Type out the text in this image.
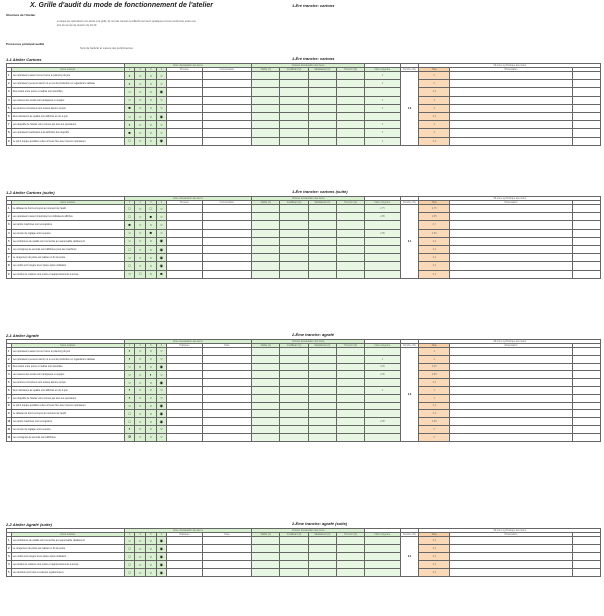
X. Grille d'audit du mode de fonctionnement de l'atelier	1-Ère tranche: cartons
Structure de l'Atelier
Lorsque les opérateurs ont accès à la grille, ils ont été conviés à réfléchir sur leurs pratiques et à les confronter entre eux lors du temps de réunion du 16.10
Processus principal audité
Suivi de l'activité et mesure des performances
1-1 Atelier Cartons	1-Ère tranche: cartons
		Zone d'évaluation des items						Critères d'évaluation des items						VE zone synthétique des items		
	Items évalués	1	2	3	4	Process	Commentaire	Faible (1)	Insuffisant (2)	Satisfaisant (3)	Très bon (4)	Note moyenne	Nombre (%)	Note	Observation	
1	Les opérateurs savent où se trouve le planning du jour	◐	○	○	○							2	2,6	2		
2	Les opérateurs peuvent savoir où en est la production en regardant le tableau	◐	○	○	○							2		2		
3	Des écarts entre prévu et réalisé sont identifiés	○	○	○	◉									3,4		
4	Les causes des écarts sont analysées en équipe	○	○	○	○							2		3		
5	Les actions correctives sont suivies dans le temps	■	○	○	○							2		2		
6	Des indicateurs de qualité sont affichés et mis à jour	○	○	○	◉									3,4		
7	Les objectifs de l'atelier sont connus par tous les opérateurs	◐	○	○	○							2		2		
8	Les opérateurs participent à la définition des objectifs	■	○	○	○							2		2		
9	Le point équipe quotidien a lieu à heure fixe avec tous les opérateurs	□	○	○	◉							3		3,4		
1-2 Atelier Cartons (suite)	1-Ère tranche: cartons (suite)
		Zone d'évaluation des items						Critères d'évaluation des items						VE zone synthétique des items		
	Items évalués	1	2	3	4	Process	Commentaire	Faible (1)	Insuffisant (2)	Satisfaisant (3)	Très bon (4)	Note moyenne	Nombre (%)	Note	Observation	
1	Le tableau de bord est à jour au moment de l'audit	□	○	□	○							2,75	3,1	2,75		
2	Les opérateurs savent interpréter les indicateurs affichés	□	○	■	○							2,85		2,85		
3	Les arrêts machines sont enregistrés	■	○	○	○									2,7		
4	Les temps de réglage sont mesurés	○	○	■	○							2,85		2,85		
5	Les problèmes de qualité sont remontés au responsable rapidement	○	○	○	◉									3,4		
6	Les consignes de sécurité sont affichées près des machines	□	○	○	◉									3,4		
7	Le rangement du poste est réalisé en fin de poste	○	○	○	◉									3,4		
8	Les outils sont rangés à leur place après utilisation	□	○	○	◉									3,4		
9	Les stocks de matière sont suivis et réapprovisionnés à temps	○	□	○	■									3,4		
2-1 Atelier Agrafé	2-Ème tranche: agrafé
		Zone d'évaluation des items						Critères d'évaluation des items						VE zone synthétique des items		
	Items évalués	1	2	3	4	Pratiques	Note	Faible (1)	Insuffisant (2)	Satisfaisant (3)	Très bon (4)	Note moyenne	Nombre (%)	Note	Observation	
1	Les opérateurs savent où se trouve le planning du jour	◐	○	○	○								2,6	2		
2	Les opérateurs peuvent savoir où en est la production en regardant le tableau	◐	○	○	○							2		2		
3	Des écarts entre prévu et réalisé sont identifiés	○	◐	○	◉							3,25		3,25		
4	Les causes des écarts sont analysées en équipe	○	○	◐	○							2,85		2,85		
5	Les actions correctives sont suivies dans le temps	○	○	○	◉									3,4		
6	Des indicateurs de qualité sont affichés et mis à jour	◐	○	○	○							2		2		
7	Les objectifs de l'atelier sont connus par tous les opérateurs	◐	○	○	○									2		
8	Le point équipe quotidien a lieu à heure fixe avec tous les opérateurs	○	○	○	◉									3,4		
9	Le tableau de bord est à jour au moment de l'audit	□	○	○	◉									3,4		
10	Les arrêts machines sont enregistrés	□	○	○	◉							2,85		2,85		
11	Les temps de réglage sont mesurés	◐	○	○	○									2		
12	Les consignes de sécurité sont affichées	✲	○	○	○									2		
2-2 Atelier Agrafé (suite)	2-Ème tranche: agrafé (suite)
		Zone d'évaluation des items						Critères d'évaluation des items						VE zone synthétique des items		
	Items évalués	1	2	3	4	Pratiques	Note	Faible (1)	Insuffisant (2)	Satisfaisant (3)	Très bon (4)	Note moyenne	Nombre (%)	Note	Observation	
1	Les problèmes de qualité sont remontés au responsable rapidement	○	○	○	◉								3,4	3,4		
2	Le rangement du poste est réalisé en fin de poste	□	○	○	◉									3,4		
3	Les outils sont rangés à leur place après utilisation	□	○	○	◉									3,4		
4	Les stocks de matière sont suivis et réapprovisionnés à temps	□	○	○	◉									3,4		
5	Les déchets sont triés et évacués régulièrement	□	○	○	◉									3,4		
